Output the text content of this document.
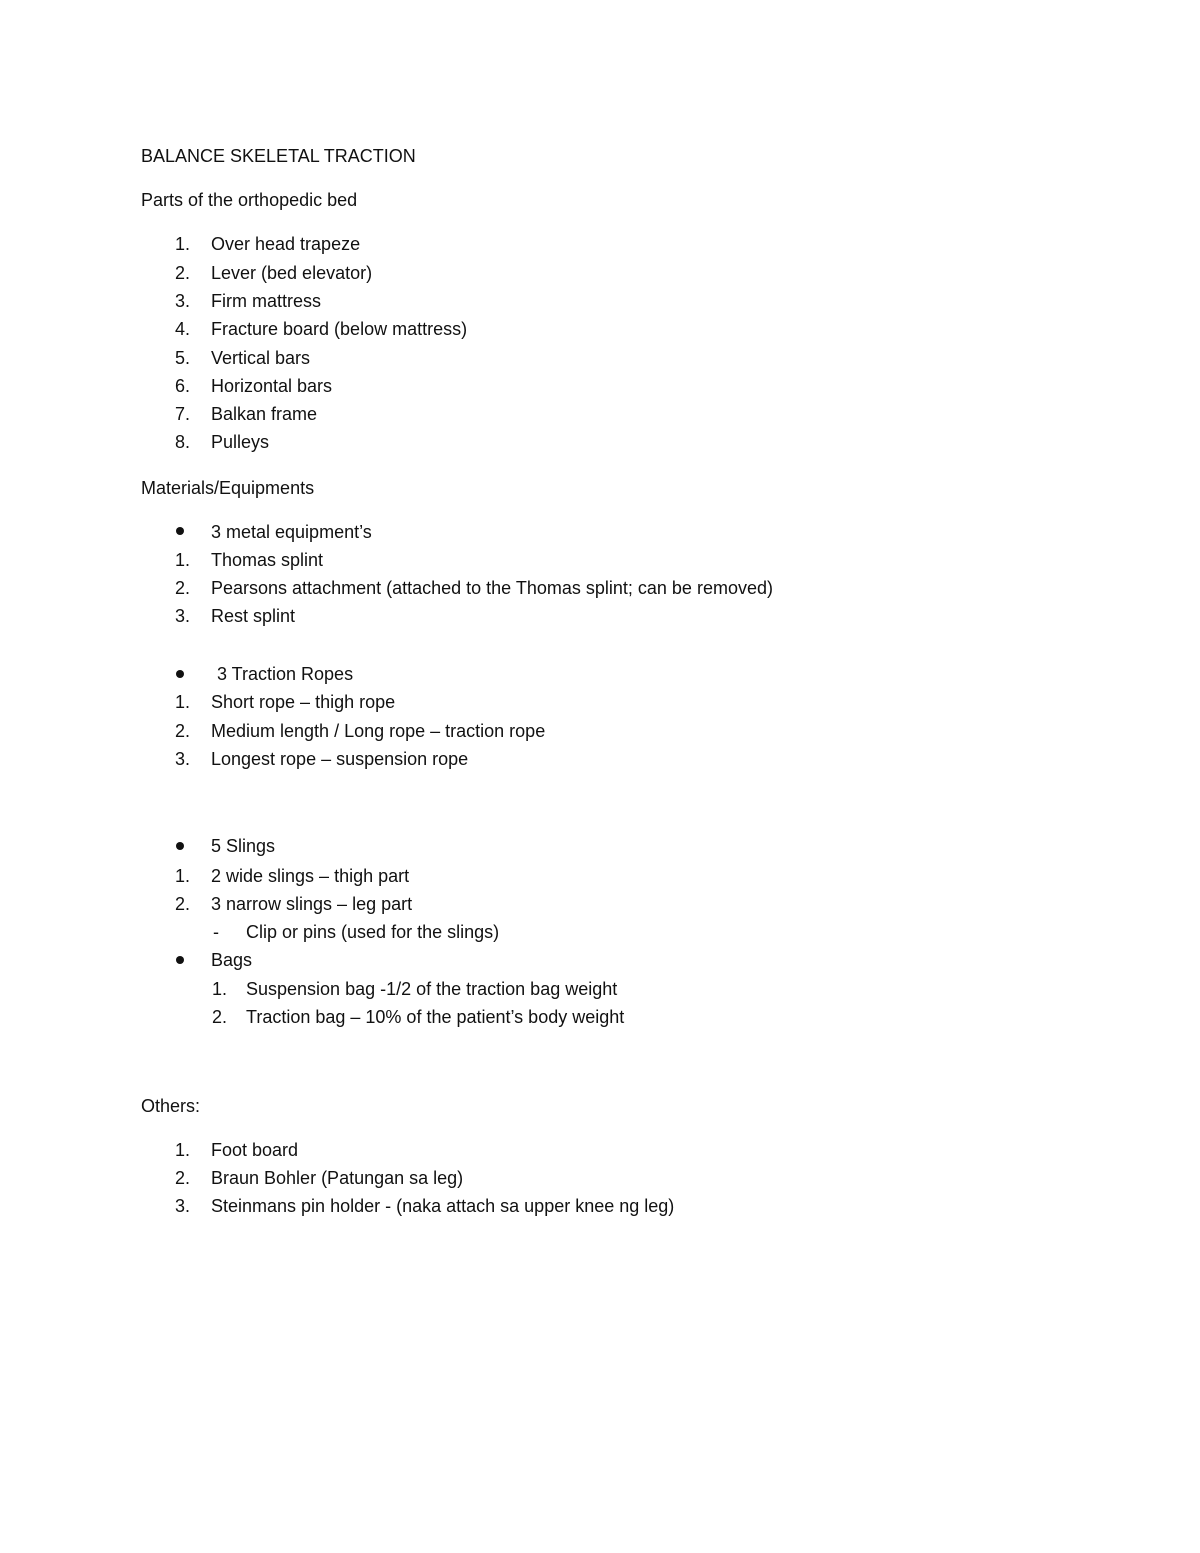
BALANCE SKELETAL TRACTION
Parts of the orthopedic bed
1. Over head trapeze
2. Lever (bed elevator)
3. Firm mattress
4. Fracture board (below mattress)
5. Vertical bars
6. Horizontal bars
7. Balkan frame
8. Pulleys
Materials/Equipments
3 metal equipment’s
1. Thomas splint
2. Pearsons attachment (attached to the Thomas splint; can be removed)
3. Rest splint
3 Traction Ropes
1. Short rope – thigh rope
2. Medium length / Long rope – traction rope
3. Longest rope – suspension rope
5 Slings
1. 2 wide slings – thigh part
2. 3 narrow slings – leg part
- Clip or pins (used for the slings)
Bags
1. Suspension bag -1/2 of the traction bag weight
2. Traction bag – 10% of the patient’s body weight
Others:
1. Foot board
2. Braun Bohler (Patungan sa leg)
3. Steinmans pin holder - (naka attach sa upper knee ng leg)
